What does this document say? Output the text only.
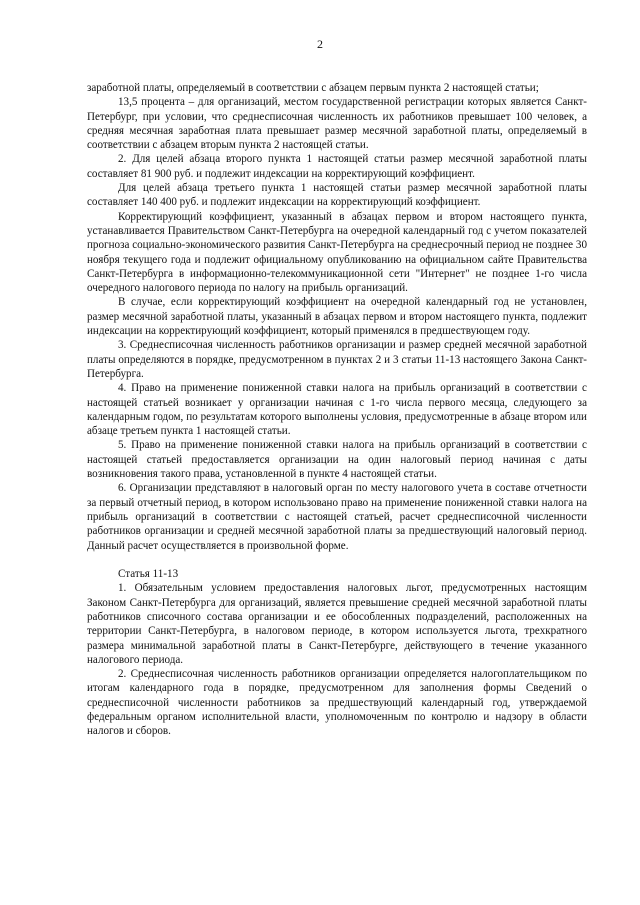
2

заработной платы, определяемый в соответствии с абзацем первым пункта 2 настоящей статьи;

13,5 процента – для организаций, местом государственной регистрации которых является Санкт-Петербург, при условии, что среднесписочная численность их работников превышает 100 человек, а средняя месячная заработная плата превышает размер месячной заработной платы, определяемый в соответствии с абзацем вторым пункта 2 настоящей статьи.

2. Для целей абзаца второго пункта 1 настоящей статьи размер месячной заработной платы составляет 81 900 руб. и подлежит индексации на корректирующий коэффициент.

Для целей абзаца третьего пункта 1 настоящей статьи размер месячной заработной платы составляет 140 400 руб. и подлежит индексации на корректирующий коэффициент.

Корректирующий коэффициент, указанный в абзацах первом и втором настоящего пункта, устанавливается Правительством Санкт-Петербурга на очередной календарный год с учетом показателей прогноза социально-экономического развития Санкт-Петербурга на среднесрочный период не позднее 30 ноября текущего года и подлежит официальному опубликованию на официальном сайте Правительства Санкт-Петербурга в информационно-телекоммуникационной сети "Интернет" не позднее 1-го числа очередного налогового периода по налогу на прибыль организаций.

В случае, если корректирующий коэффициент на очередной календарный год не установлен, размер месячной заработной платы, указанный в абзацах первом и втором настоящего пункта, подлежит индексации на корректирующий коэффициент, который применялся в предшествующем году.

3. Среднесписочная численность работников организации и размер средней месячной заработной платы определяются в порядке, предусмотренном в пунктах 2 и 3 статьи 11-13 настоящего Закона Санкт-Петербурга.

4. Право на применение пониженной ставки налога на прибыль организаций в соответствии с настоящей статьей возникает у организации начиная с 1-го числа первого месяца, следующего за календарным годом, по результатам которого выполнены условия, предусмотренные в абзаце втором или абзаце третьем пункта 1 настоящей статьи.

5. Право на применение пониженной ставки налога на прибыль организаций в соответствии с настоящей статьей предоставляется организации на один налоговый период начиная с даты возникновения такого права, установленной в пункте 4 настоящей статьи.

6. Организации представляют в налоговый орган по месту налогового учета в составе отчетности за первый отчетный период, в котором использовано право на применение пониженной ставки налога на прибыль организаций в соответствии с настоящей статьей, расчет среднесписочной численности работников организации и средней месячной заработной платы за предшествующий налоговый период. Данный расчет осуществляется в произвольной форме.

Статья 11-13

1. Обязательным условием предоставления налоговых льгот, предусмотренных настоящим Законом Санкт-Петербурга для организаций, является превышение средней месячной заработной платы работников списочного состава организации и ее обособленных подразделений, расположенных на территории Санкт-Петербурга, в налоговом периоде, в котором используется льгота, трехкратного размера минимальной заработной платы в Санкт-Петербурге, действующего в течение указанного налогового периода.

2. Среднесписочная численность работников организации определяется налогоплательщиком по итогам календарного года в порядке, предусмотренном для заполнения формы Сведений о среднесписочной численности работников за предшествующий календарный год, утверждаемой федеральным органом исполнительной власти, уполномоченным по контролю и надзору в области налогов и сборов.
